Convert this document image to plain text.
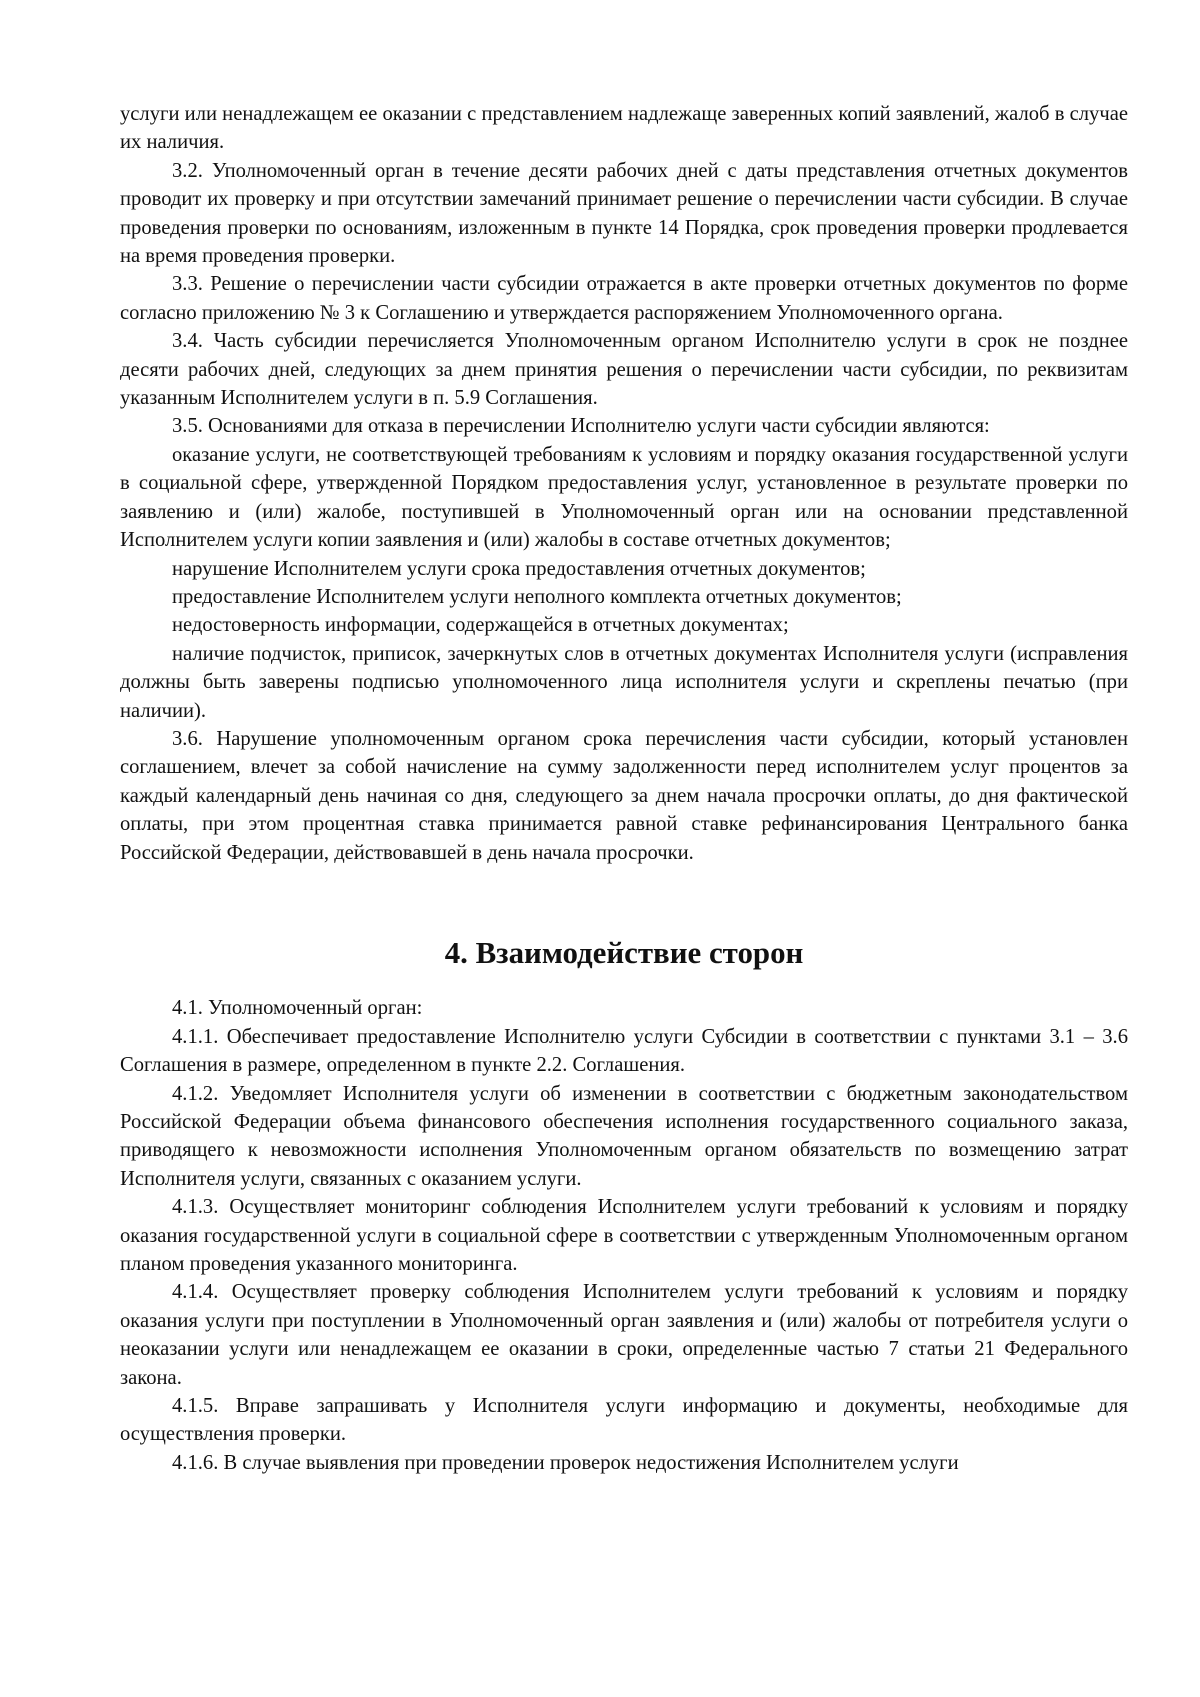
услуги или ненадлежащем ее оказании с представлением надлежаще заверенных копий заявлений, жалоб в случае их наличия.

3.2. Уполномоченный орган в течение десяти рабочих дней с даты представления отчетных документов проводит их проверку и при отсутствии замечаний принимает решение о перечислении части субсидии. В случае проведения проверки по основаниям, изложенным в пункте 14 Порядка, срок проведения проверки продлевается на время проведения проверки.

3.3. Решение о перечислении части субсидии отражается в акте проверки отчетных документов по форме согласно приложению № 3 к Соглашению и утверждается распоряжением Уполномоченного органа.

3.4. Часть субсидии перечисляется Уполномоченным органом Исполнителю услуги в срок не позднее десяти рабочих дней, следующих за днем принятия решения о перечислении части субсидии, по реквизитам указанным Исполнителем услуги в п. 5.9 Соглашения.

3.5. Основаниями для отказа в перечислении Исполнителю услуги части субсидии являются:

оказание услуги, не соответствующей требованиям к условиям и порядку оказания государственной услуги в социальной сфере, утвержденной Порядком предоставления услуг, установленное в результате проверки по заявлению и (или) жалобе, поступившей в Уполномоченный орган или на основании представленной Исполнителем услуги копии заявления и (или) жалобы в составе отчетных документов;

нарушение Исполнителем услуги срока предоставления отчетных документов;

предоставление Исполнителем услуги неполного комплекта отчетных документов;

недостоверность информации, содержащейся в отчетных документах;

наличие подчисток, приписок, зачеркнутых слов в отчетных документах Исполнителя услуги (исправления должны быть заверены подписью уполномоченного лица исполнителя услуги и скреплены печатью (при наличии).

3.6. Нарушение уполномоченным органом срока перечисления части субсидии, который установлен соглашением, влечет за собой начисление на сумму задолженности перед исполнителем услуг процентов за каждый календарный день начиная со дня, следующего за днем начала просрочки оплаты, до дня фактической оплаты, при этом процентная ставка принимается равной ставке рефинансирования Центрального банка Российской Федерации, действовавшей в день начала просрочки.

4. Взаимодействие сторон

4.1. Уполномоченный орган:

4.1.1. Обеспечивает предоставление Исполнителю услуги Субсидии в соответствии с пунктами 3.1 – 3.6 Соглашения в размере, определенном в пункте 2.2. Соглашения.

4.1.2. Уведомляет Исполнителя услуги об изменении в соответствии с бюджетным законодательством Российской Федерации объема финансового обеспечения исполнения государственного социального заказа, приводящего к невозможности исполнения Уполномоченным органом обязательств по возмещению затрат Исполнителя услуги, связанных с оказанием услуги.

4.1.3. Осуществляет мониторинг соблюдения Исполнителем услуги требований к условиям и порядку оказания государственной услуги в социальной сфере в соответствии с утвержденным Уполномоченным органом планом проведения указанного мониторинга.

4.1.4. Осуществляет проверку соблюдения Исполнителем услуги требований к условиям и порядку оказания услуги при поступлении в Уполномоченный орган заявления и (или) жалобы от потребителя услуги о неоказании услуги или ненадлежащем ее оказании в сроки, определенные частью 7 статьи 21 Федерального закона.

4.1.5. Вправе запрашивать у Исполнителя услуги информацию и документы, необходимые для осуществления проверки.

4.1.6. В случае выявления при проведении проверок недостижения Исполнителем услуги
